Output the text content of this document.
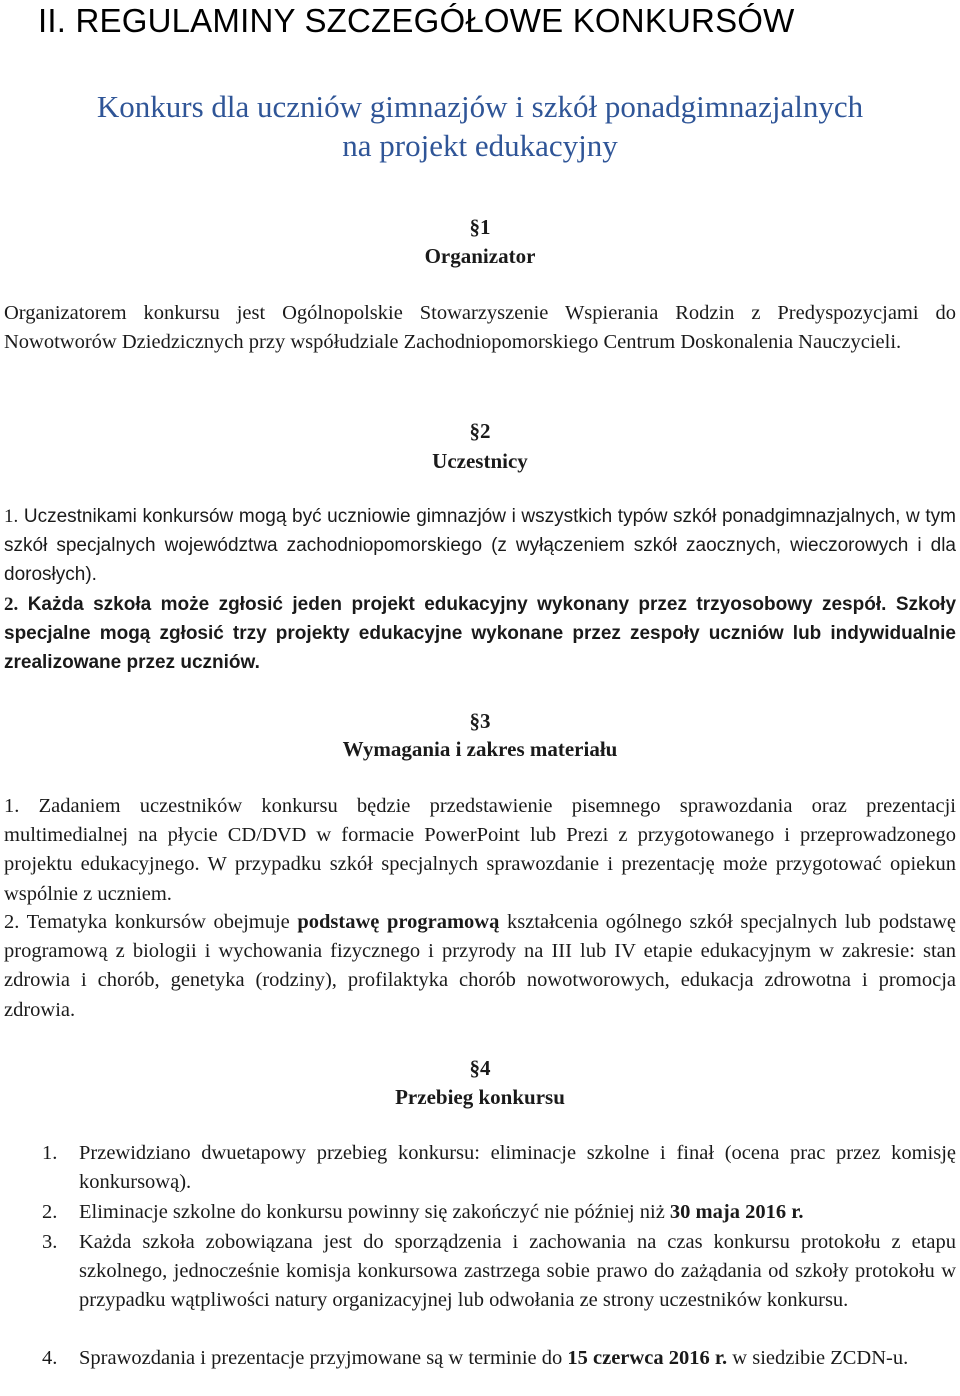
II. REGULAMINY SZCZEGÓŁOWE KONKURSÓW
Konkurs dla uczniów gimnazjów i szkół ponadgimnazjalnych
na projekt edukacyjny
§1
Organizator

Organizatorem konkursu jest Ogólnopolskie Stowarzyszenie Wspierania Rodzin z Predyspozycjami do Nowotworów Dziedzicznych przy współudziale Zachodniopomorskiego Centrum Doskonalenia Nauczycieli.

§2
Uczestnicy

1. Uczestnikami konkursów mogą być uczniowie gimnazjów i wszystkich typów szkół ponadgimnazjalnych, w tym szkół specjalnych województwa zachodniopomorskiego (z wyłączeniem szkół zaocznych, wieczorowych i dla dorosłych).

2. Każda szkoła może zgłosić jeden projekt edukacyjny wykonany przez trzyosobowy zespół. Szkoły specjalne mogą zgłosić trzy projekty edukacyjne wykonane przez zespoły uczniów lub indywidualnie zrealizowane przez uczniów.

§3
Wymagania i zakres materiału

1. Zadaniem uczestników konkursu będzie przedstawienie pisemnego sprawozdania oraz prezentacji multimedialnej na płycie CD/DVD w formacie PowerPoint lub Prezi z przygotowanego i przeprowadzonego projektu edukacyjnego. W przypadku szkół specjalnych sprawozdanie i prezentację może przygotować opiekun wspólnie z uczniem.

2. Tematyka konkursów obejmuje podstawę programową kształcenia ogólnego szkół specjalnych lub podstawę programową z biologii i wychowania fizycznego i przyrody na III lub IV etapie edukacyjnym w zakresie: stan zdrowia i chorób, genetyka (rodziny), profilaktyka chorób nowotworowych, edukacja zdrowotna i promocja zdrowia.

§4
Przebieg konkursu
1.	Przewidziano dwuetapowy przebieg konkursu: eliminacje szkolne i finał (ocena prac przez komisję konkursową).
2.	Eliminacje szkolne do konkursu powinny się zakończyć nie później niż 30 maja 2016 r.
3.	Każda szkoła zobowiązana jest do sporządzenia i zachowania na czas konkursu protokołu z etapu szkolnego, jednocześnie komisja konkursowa zastrzega sobie prawo do zażądania od szkoły protokołu w przypadku wątpliwości natury organizacyjnej lub odwołania ze strony uczestników konkursu.
4.	Sprawozdania i prezentacje przyjmowane są w terminie do 15 czerwca 2016 r. w siedzibie ZCDN-u.
